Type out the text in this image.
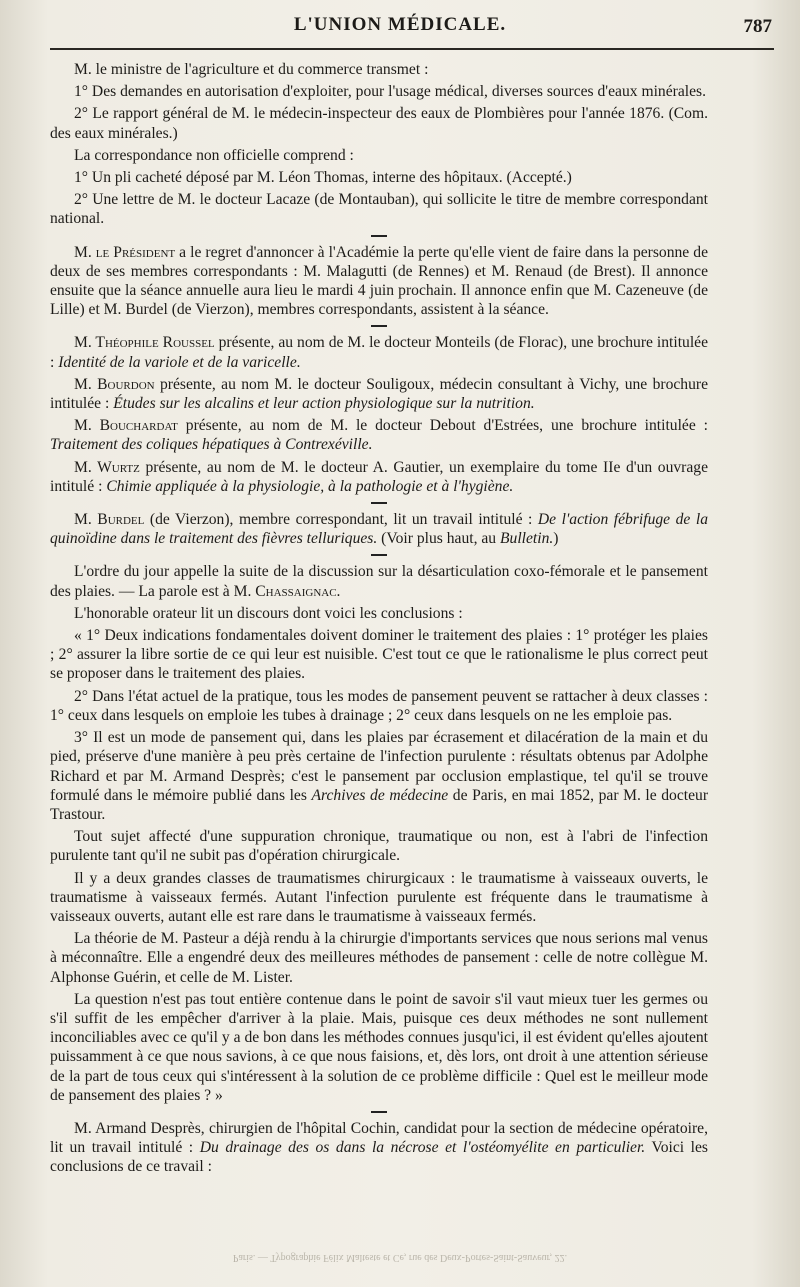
L'UNION MÉDICALE.	787

M. le ministre de l'agriculture et du commerce transmet :

1° Des demandes en autorisation d'exploiter, pour l'usage médical, diverses sources d'eaux minérales.

2° Le rapport général de M. le médecin-inspecteur des eaux de Plombières pour l'année 1876. (Com. des eaux minérales.)

La correspondance non officielle comprend :

1° Un pli cacheté déposé par M. Léon Thomas, interne des hôpitaux. (Accepté.)

2° Une lettre de M. le docteur Lacaze (de Montauban), qui sollicite le titre de membre correspondant national.

M. le Président a le regret d'annoncer à l'Académie la perte qu'elle vient de faire dans la personne de deux de ses membres correspondants : M. Malagutti (de Rennes) et M. Renaud (de Brest). Il annonce ensuite que la séance annuelle aura lieu le mardi 4 juin prochain. Il annonce enfin que M. Cazeneuve (de Lille) et M. Burdel (de Vierzon), membres correspondants, assistent à la séance.

M. Théophile Roussel présente, au nom de M. le docteur Monteils (de Florac), une brochure intitulée : Identité de la variole et de la varicelle.

M. Bourdon présente, au nom M. le docteur Souligoux, médecin consultant à Vichy, une brochure intitulée : Études sur les alcalins et leur action physiologique sur la nutrition.

M. Bouchardat présente, au nom de M. le docteur Debout d'Estrées, une brochure intitulée : Traitement des coliques hépatiques à Contrexéville.

M. Wurtz présente, au nom de M. le docteur A. Gautier, un exemplaire du tome IIe d'un ouvrage intitulé : Chimie appliquée à la physiologie, à la pathologie et à l'hygiène.

M. Burdel (de Vierzon), membre correspondant, lit un travail intitulé : De l'action fébrifuge de la quinoïdine dans le traitement des fièvres telluriques. (Voir plus haut, au Bulletin.)

L'ordre du jour appelle la suite de la discussion sur la désarticulation coxo-fémorale et le pansement des plaies. — La parole est à M. Chassaignac.

L'honorable orateur lit un discours dont voici les conclusions :

« 1° Deux indications fondamentales doivent dominer le traitement des plaies : 1° protéger les plaies ; 2° assurer la libre sortie de ce qui leur est nuisible. C'est tout ce que le rationalisme le plus correct peut se proposer dans le traitement des plaies.

2° Dans l'état actuel de la pratique, tous les modes de pansement peuvent se rattacher à deux classes : 1° ceux dans lesquels on emploie les tubes à drainage ; 2° ceux dans lesquels on ne les emploie pas.

3° Il est un mode de pansement qui, dans les plaies par écrasement et dilacération de la main et du pied, préserve d'une manière à peu près certaine de l'infection purulente : résultats obtenus par Adolphe Richard et par M. Armand Desprès; c'est le pansement par occlusion emplastique, tel qu'il se trouve formulé dans le mémoire publié dans les Archives de médecine de Paris, en mai 1852, par M. le docteur Trastour.

Tout sujet affecté d'une suppuration chronique, traumatique ou non, est à l'abri de l'infection purulente tant qu'il ne subit pas d'opération chirurgicale.

Il y a deux grandes classes de traumatismes chirurgicaux : le traumatisme à vaisseaux ouverts, le traumatisme à vaisseaux fermés. Autant l'infection purulente est fréquente dans le traumatisme à vaisseaux ouverts, autant elle est rare dans le traumatisme à vaisseaux fermés.

La théorie de M. Pasteur a déjà rendu à la chirurgie d'importants services que nous serions mal venus à méconnaître. Elle a engendré deux des meilleures méthodes de pansement : celle de notre collègue M. Alphonse Guérin, et celle de M. Lister.

La question n'est pas tout entière contenue dans le point de savoir s'il vaut mieux tuer les germes ou s'il suffit de les empêcher d'arriver à la plaie. Mais, puisque ces deux méthodes ne sont nullement inconciliables avec ce qu'il y a de bon dans les méthodes connues jusqu'ici, il est évident qu'elles ajoutent puissamment à ce que nous savions, à ce que nous faisions, et, dès lors, ont droit à une attention sérieuse de la part de tous ceux qui s'intéressent à la solution de ce problème difficile : Quel est le meilleur mode de pansement des plaies ? »

M. Armand Desprès, chirurgien de l'hôpital Cochin, candidat pour la section de médecine opératoire, lit un travail intitulé : Du drainage des os dans la nécrose et l'ostéomyélite en particulier. Voici les conclusions de ce travail :

Paris. — Typographie Félix Malteste et Ce, rue des Deux-Portes-Saint-Sauveur, 22.
